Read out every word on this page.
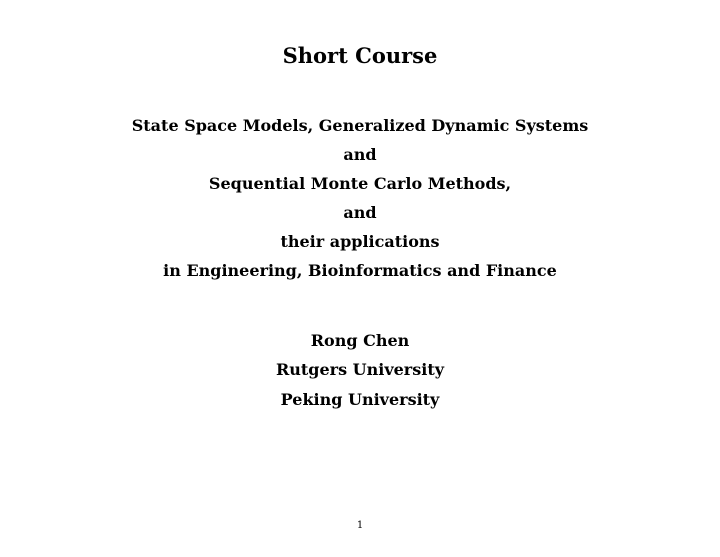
Short Course
State Space Models, Generalized Dynamic Systems
and
Sequential Monte Carlo Methods,
and
their applications
in Engineering, Bioinformatics and Finance
Rong Chen
Rutgers University
Peking University
1
